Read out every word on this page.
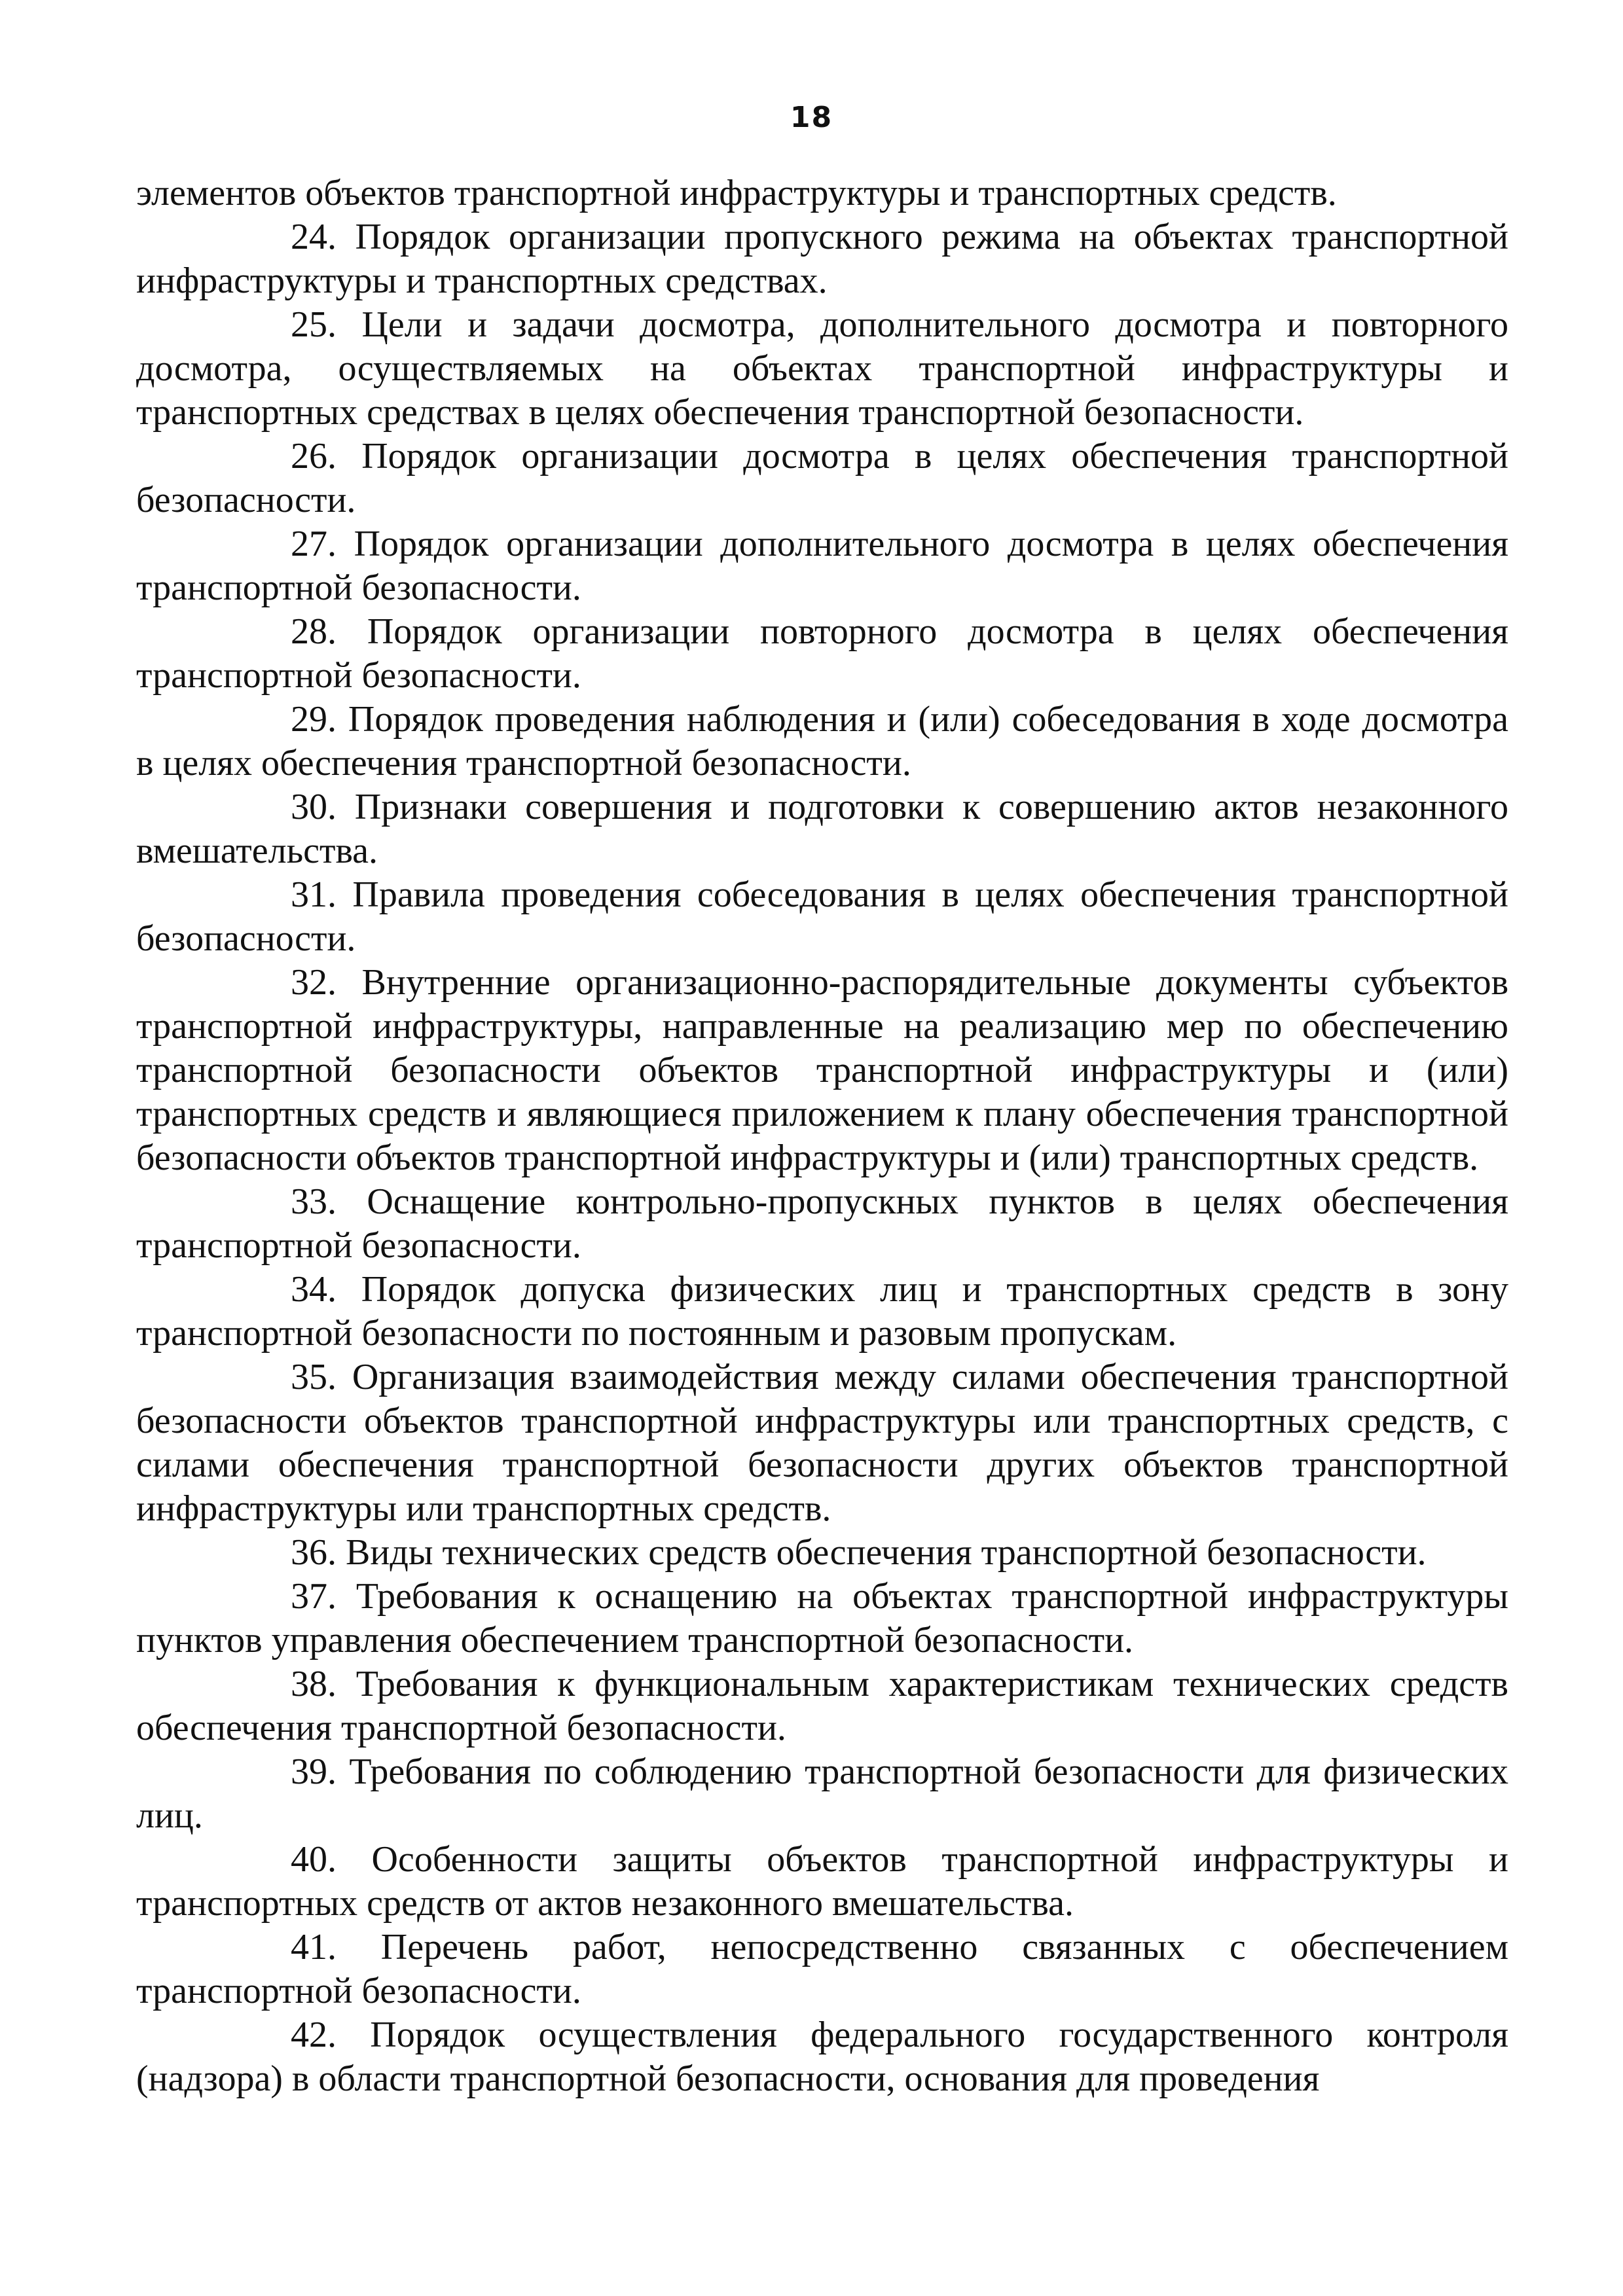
18

элементов объектов транспортной инфраструктуры и транспортных средств.

24. Порядок организации пропускного режима на объектах транспортной инфраструктуры и транспортных средствах.

25. Цели и задачи досмотра, дополнительного досмотра и повторного досмотра, осуществляемых на объектах транспортной инфраструктуры и транспортных средствах в целях обеспечения транспортной безопасности.

26. Порядок организации досмотра в целях обеспечения транспортной безопасности.

27. Порядок организации дополнительного досмотра в целях обеспечения транспортной безопасности.

28. Порядок организации повторного досмотра в целях обеспечения транспортной безопасности.

29. Порядок проведения наблюдения и (или) собеседования в ходе досмотра в целях обеспечения транспортной безопасности.

30. Признаки совершения и подготовки к совершению актов незаконного вмешательства.

31. Правила проведения собеседования в целях обеспечения транспортной безопасности.

32. Внутренние организационно-распорядительные документы субъектов транспортной инфраструктуры, направленные на реализацию мер по обеспечению транспортной безопасности объектов транспортной инфраструктуры и (или) транспортных средств и являющиеся приложением к плану обеспечения транспортной безопасности объектов транспортной инфраструктуры и (или) транспортных средств.

33. Оснащение контрольно-пропускных пунктов в целях обеспечения транспортной безопасности.

34. Порядок допуска физических лиц и транспортных средств в зону транспортной безопасности по постоянным и разовым пропускам.

35. Организация взаимодействия между силами обеспечения транспортной безопасности объектов транспортной инфраструктуры или транспортных средств, с силами обеспечения транспортной безопасности других объектов транспортной инфраструктуры или транспортных средств.

36. Виды технических средств обеспечения транспортной безопасности.

37. Требования к оснащению на объектах транспортной инфраструктуры пунктов управления обеспечением транспортной безопасности.

38. Требования к функциональным характеристикам технических средств обеспечения транспортной безопасности.

39. Требования по соблюдению транспортной безопасности для физических лиц.

40. Особенности защиты объектов транспортной инфраструктуры и транспортных средств от актов незаконного вмешательства.

41. Перечень работ, непосредственно связанных с обеспечением транспортной безопасности.

42. Порядок осуществления федерального государственного контроля (надзора) в области транспортной безопасности, основания для проведения
